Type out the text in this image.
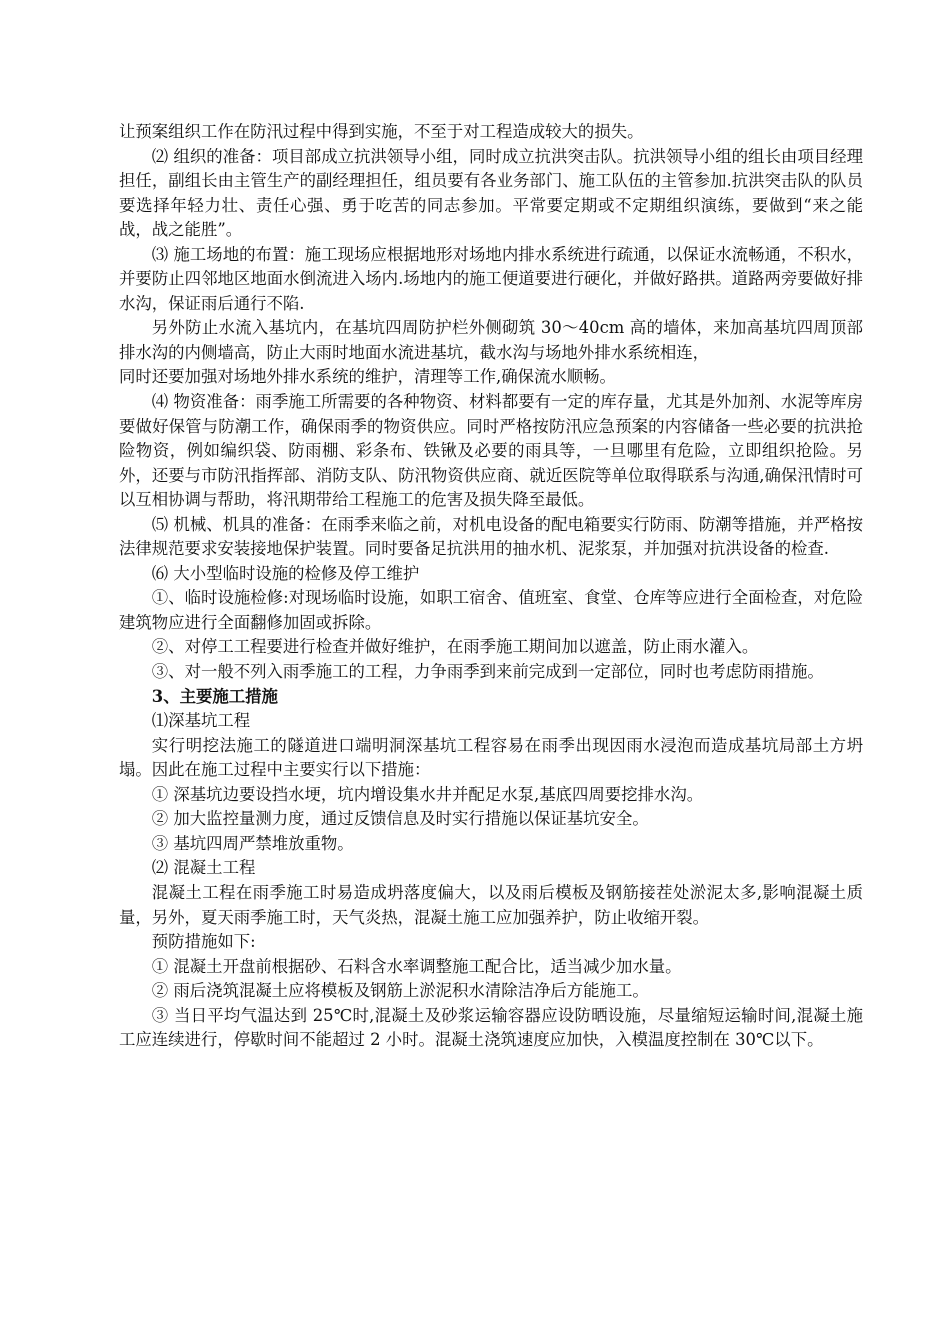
让预案组织工作在防汛过程中得到实施，不至于对工程造成较大的损失。

⑵ 组织的准备：项目部成立抗洪领导小组，同时成立抗洪突击队。抗洪领导小组的组长由项目经理担任，副组长由主管生产的副经理担任，组员要有各业务部门、施工队伍的主管参加.抗洪突击队的队员要选择年轻力壮、责任心强、勇于吃苦的同志参加。平常要定期或不定期组织演练，要做到“来之能战，战之能胜”。

⑶ 施工场地的布置：施工现场应根据地形对场地内排水系统进行疏通，以保证水流畅通，不积水，并要防止四邻地区地面水倒流进入场内.场地内的施工便道要进行硬化，并做好路拱。道路两旁要做好排水沟，保证雨后通行不陷.

另外防止水流入基坑内，在基坑四周防护栏外侧砌筑 30～40cm 高的墙体，来加高基坑四周顶部排水沟的内侧墙高，防止大雨时地面水流进基坑，截水沟与场地外排水系统相连，

同时还要加强对场地外排水系统的维护，清理等工作,确保流水顺畅。

⑷ 物资准备：雨季施工所需要的各种物资、材料都要有一定的库存量，尤其是外加剂、水泥等库房要做好保管与防潮工作，确保雨季的物资供应。同时严格按防汛应急预案的内容储备一些必要的抗洪抢险物资，例如编织袋、防雨棚、彩条布、铁锹及必要的雨具等，一旦哪里有危险，立即组织抢险。另外，还要与市防汛指挥部、消防支队、防汛物资供应商、就近医院等单位取得联系与沟通,确保汛情时可以互相协调与帮助，将汛期带给工程施工的危害及损失降至最低。

⑸ 机械、机具的准备：在雨季来临之前，对机电设备的配电箱要实行防雨、防潮等措施，并严格按法律规范要求安装接地保护装置。同时要备足抗洪用的抽水机、泥浆泵，并加强对抗洪设备的检查.

⑹ 大小型临时设施的检修及停工维护

①、临时设施检修:对现场临时设施，如职工宿舍、值班室、食堂、仓库等应进行全面检查，对危险建筑物应进行全面翻修加固或拆除。

②、对停工工程要进行检查并做好维护，在雨季施工期间加以遮盖，防止雨水灌入。

③、对一般不列入雨季施工的工程，力争雨季到来前完成到一定部位，同时也考虑防雨措施。

3、主要施工措施

⑴深基坑工程

实行明挖法施工的隧道进口端明洞深基坑工程容易在雨季出现因雨水浸泡而造成基坑局部土方坍塌。因此在施工过程中主要实行以下措施：

① 深基坑边要设挡水埂，坑内增设集水井并配足水泵,基底四周要挖排水沟。

② 加大监控量测力度，通过反馈信息及时实行措施以保证基坑安全。

③ 基坑四周严禁堆放重物。

⑵ 混凝土工程

混凝土工程在雨季施工时易造成坍落度偏大，以及雨后模板及钢筋接茬处淤泥太多,影响混凝土质量，另外，夏天雨季施工时，天气炎热，混凝土施工应加强养护，防止收缩开裂。

预防措施如下:

① 混凝土开盘前根据砂、石料含水率调整施工配合比，适当减少加水量。

② 雨后浇筑混凝土应将模板及钢筋上淤泥积水清除洁净后方能施工。

③ 当日平均气温达到 25℃时,混凝土及砂浆运输容器应设防晒设施，尽量缩短运输时间,混凝土施工应连续进行，停歇时间不能超过 2 小时。混凝土浇筑速度应加快，入模温度控制在 30℃以下。
